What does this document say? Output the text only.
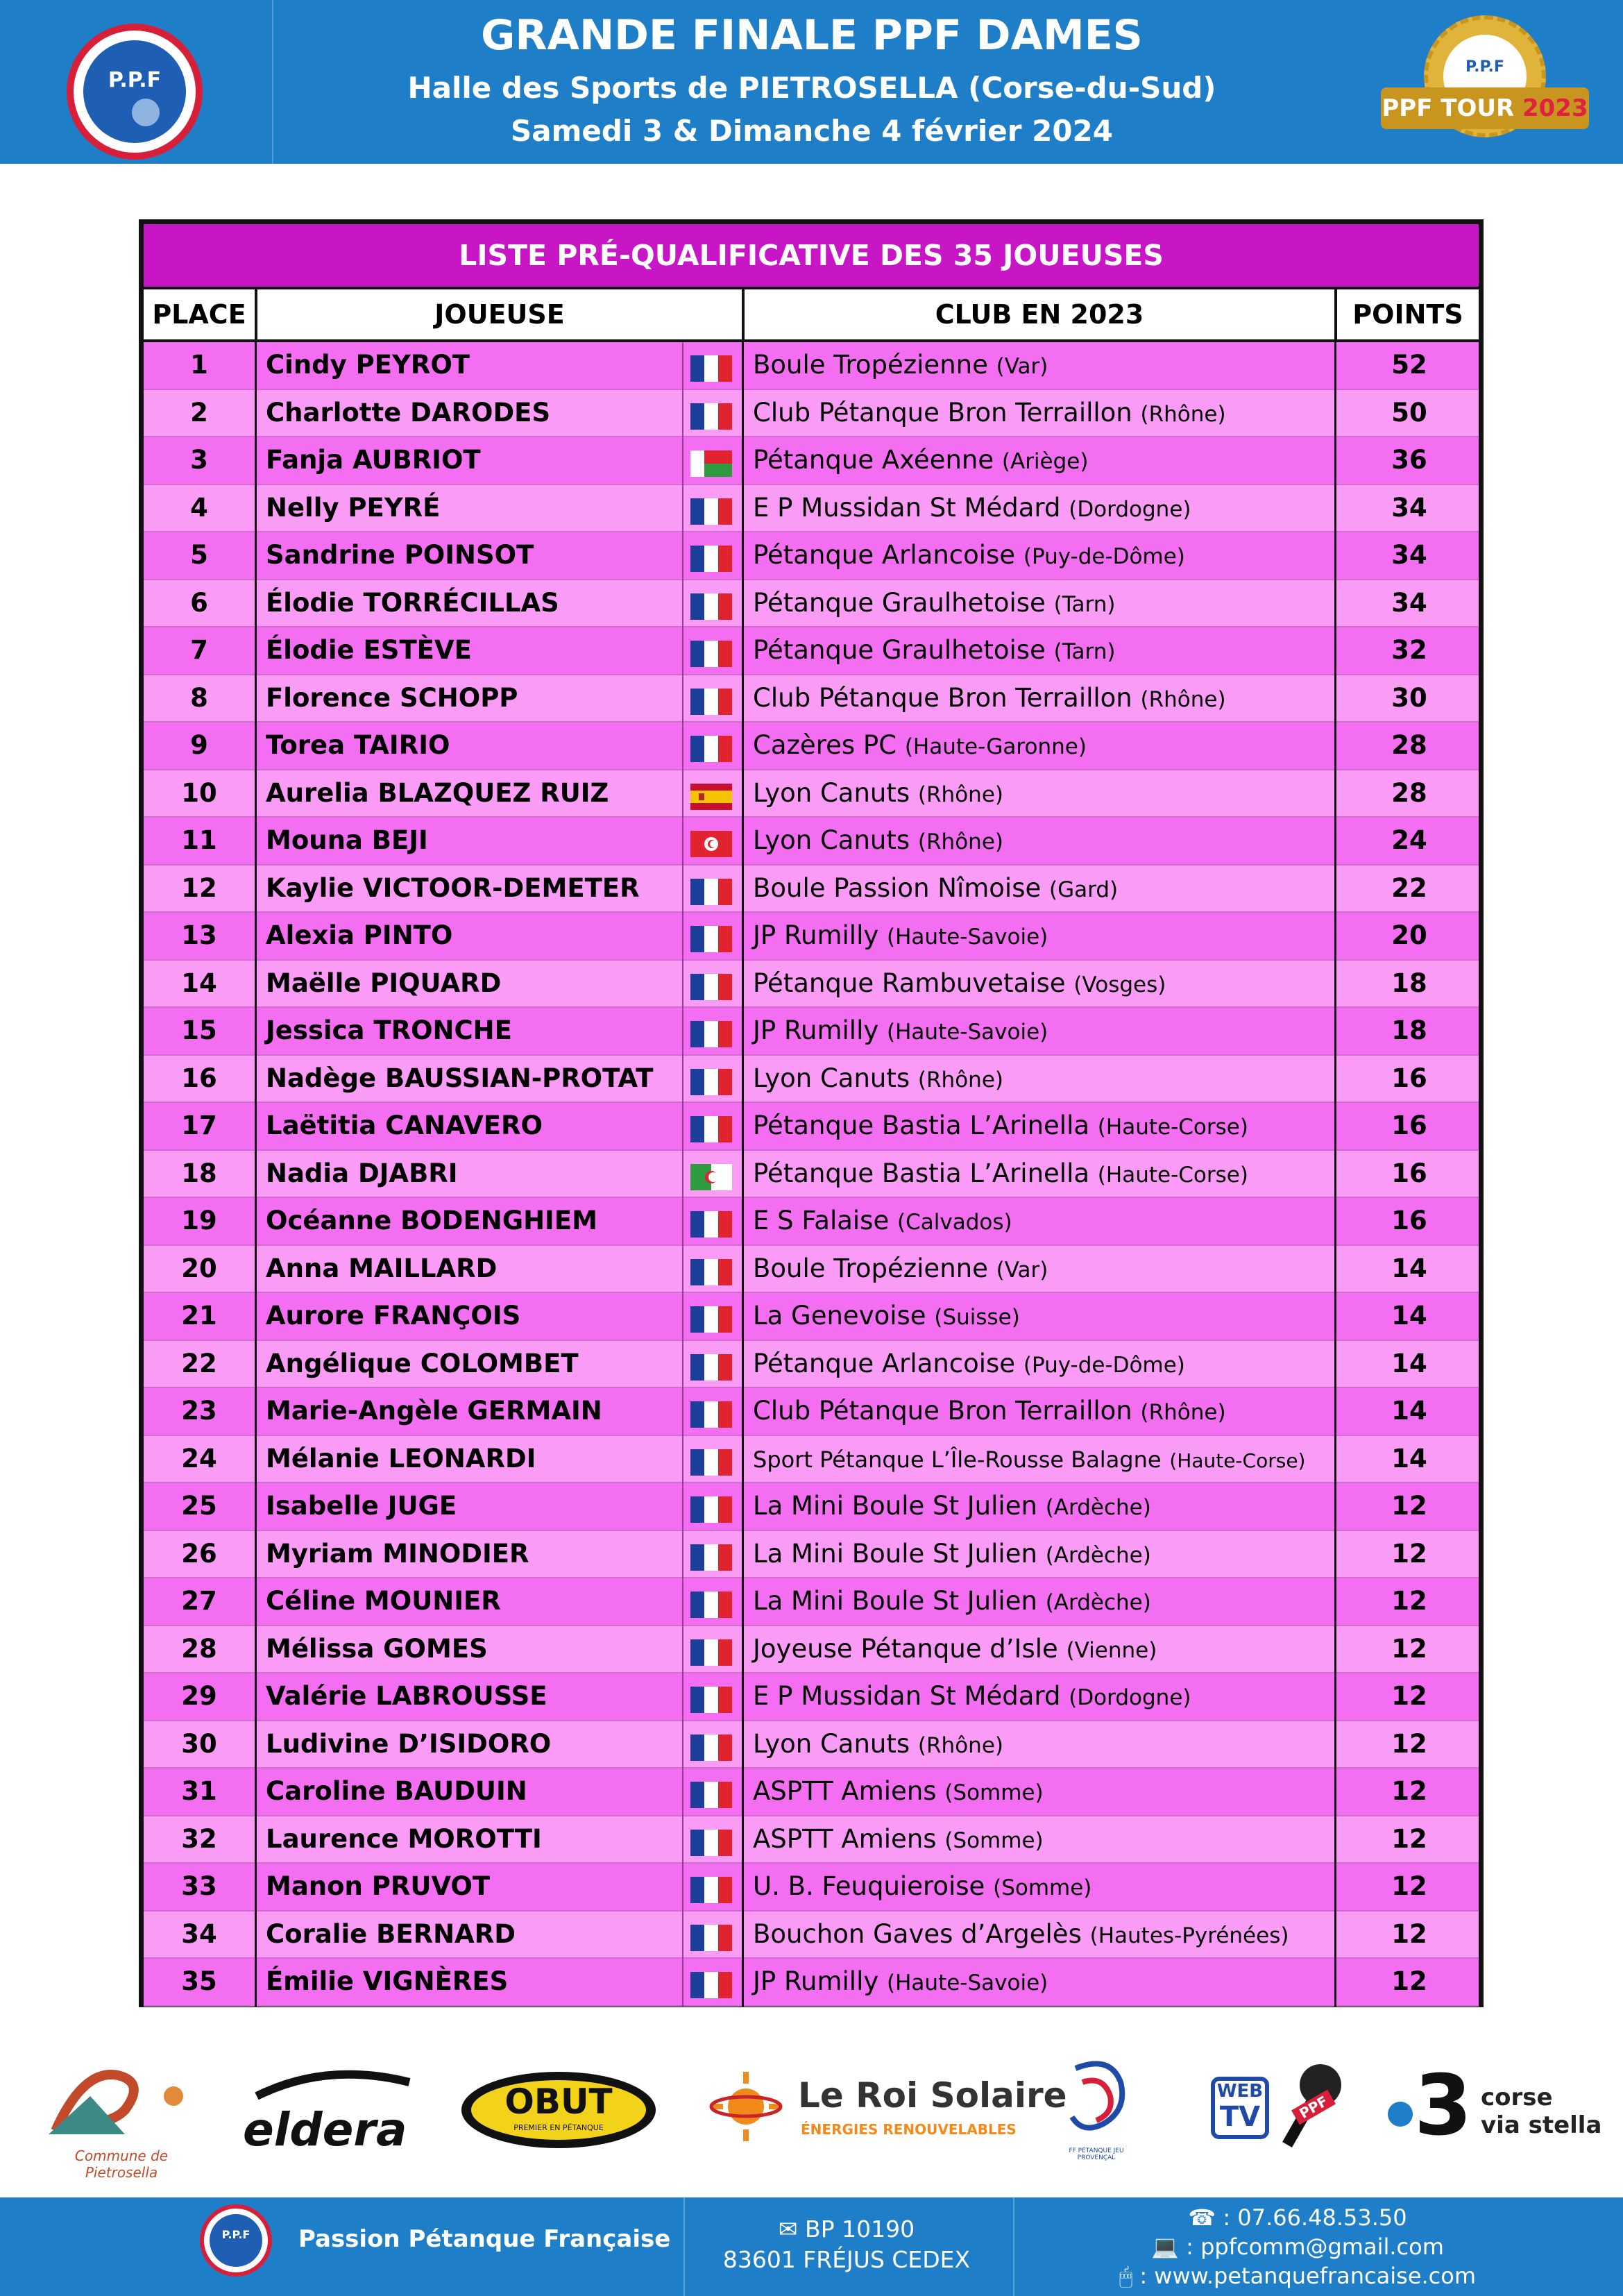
P.P.F
GRANDE FINALE PPF DAMES
Halle des Sports de PIETROSELLA (Corse-du-Sud)
Samedi 3 & Dimanche 4 février 2024
P.P.F
PPF TOUR 2023
LISTE PRÉ-QUALIFICATIVE DES 35 JOUEUSES
PLACE	JOUEUSE	CLUB EN 2023	POINTS
1	Cindy PEYROT	Boule Tropézienne (Var)	52
2	Charlotte DARODES	Club Pétanque Bron Terraillon (Rhône)	50
3	Fanja AUBRIOT	Pétanque Axéenne (Ariège)	36
4	Nelly PEYRÉ	E P Mussidan St Médard (Dordogne)	34
5	Sandrine POINSOT	Pétanque Arlancoise (Puy-de-Dôme)	34
6	Élodie TORRÉCILLAS	Pétanque Graulhetoise (Tarn)	34
7	Élodie ESTÈVE	Pétanque Graulhetoise (Tarn)	32
8	Florence SCHOPP	Club Pétanque Bron Terraillon (Rhône)	30
9	Torea TAIRIO	Cazères PC (Haute-Garonne)	28
10	Aurelia BLAZQUEZ RUIZ	Lyon Canuts (Rhône)	28
11	Mouna BEJI	Lyon Canuts (Rhône)	24
12	Kaylie VICTOOR-DEMETER	Boule Passion Nîmoise (Gard)	22
13	Alexia PINTO	JP Rumilly (Haute-Savoie)	20
14	Maëlle PIQUARD	Pétanque Rambuvetaise (Vosges)	18
15	Jessica TRONCHE	JP Rumilly (Haute-Savoie)	18
16	Nadège BAUSSIAN-PROTAT	Lyon Canuts (Rhône)	16
17	Laëtitia CANAVERO	Pétanque Bastia L’Arinella (Haute-Corse)	16
18	Nadia DJABRI	Pétanque Bastia L’Arinella (Haute-Corse)	16
19	Océanne BODENGHIEM	E S Falaise (Calvados)	16
20	Anna MAILLARD	Boule Tropézienne (Var)	14
21	Aurore FRANÇOIS	La Genevoise (Suisse)	14
22	Angélique COLOMBET	Pétanque Arlancoise (Puy-de-Dôme)	14
23	Marie-Angèle GERMAIN	Club Pétanque Bron Terraillon (Rhône)	14
24	Mélanie LEONARDI	Sport Pétanque L’Île-Rousse Balagne (Haute-Corse)	14
25	Isabelle JUGE	La Mini Boule St Julien (Ardèche)	12
26	Myriam MINODIER	La Mini Boule St Julien (Ardèche)	12
27	Céline MOUNIER	La Mini Boule St Julien (Ardèche)	12
28	Mélissa GOMES	Joyeuse Pétanque d’Isle (Vienne)	12
29	Valérie LABROUSSE	E P Mussidan St Médard (Dordogne)	12
30	Ludivine D’ISIDORO	Lyon Canuts (Rhône)	12
31	Caroline BAUDUIN	ASPTT Amiens (Somme)	12
32	Laurence MOROTTI	ASPTT Amiens (Somme)	12
33	Manon PRUVOT	U. B. Feuquieroise (Somme)	12
34	Coralie BERNARD	Bouchon Gaves d’Argelès (Hautes-Pyrénées)	12
35	Émilie VIGNÈRES	JP Rumilly (Haute-Savoie)	12
Commune de Pietrosella
eldera
OBUT
PREMIER EN PÉTANQUE
Le Roi Solaire
ÉNERGIES RENOUVELABLES
FF PÉTANQUE JEU PROVENÇAL
WEB
TV	PPF 3 corse
via stella
P.P.F	Passion Pétanque Française	✉ BP 10190
83601 FRÉJUS CEDEX
☎ : 07.66.48.53.50
💻 : ppfcomm@gmail.com
🖱 : www.petanquefrancaise.com
